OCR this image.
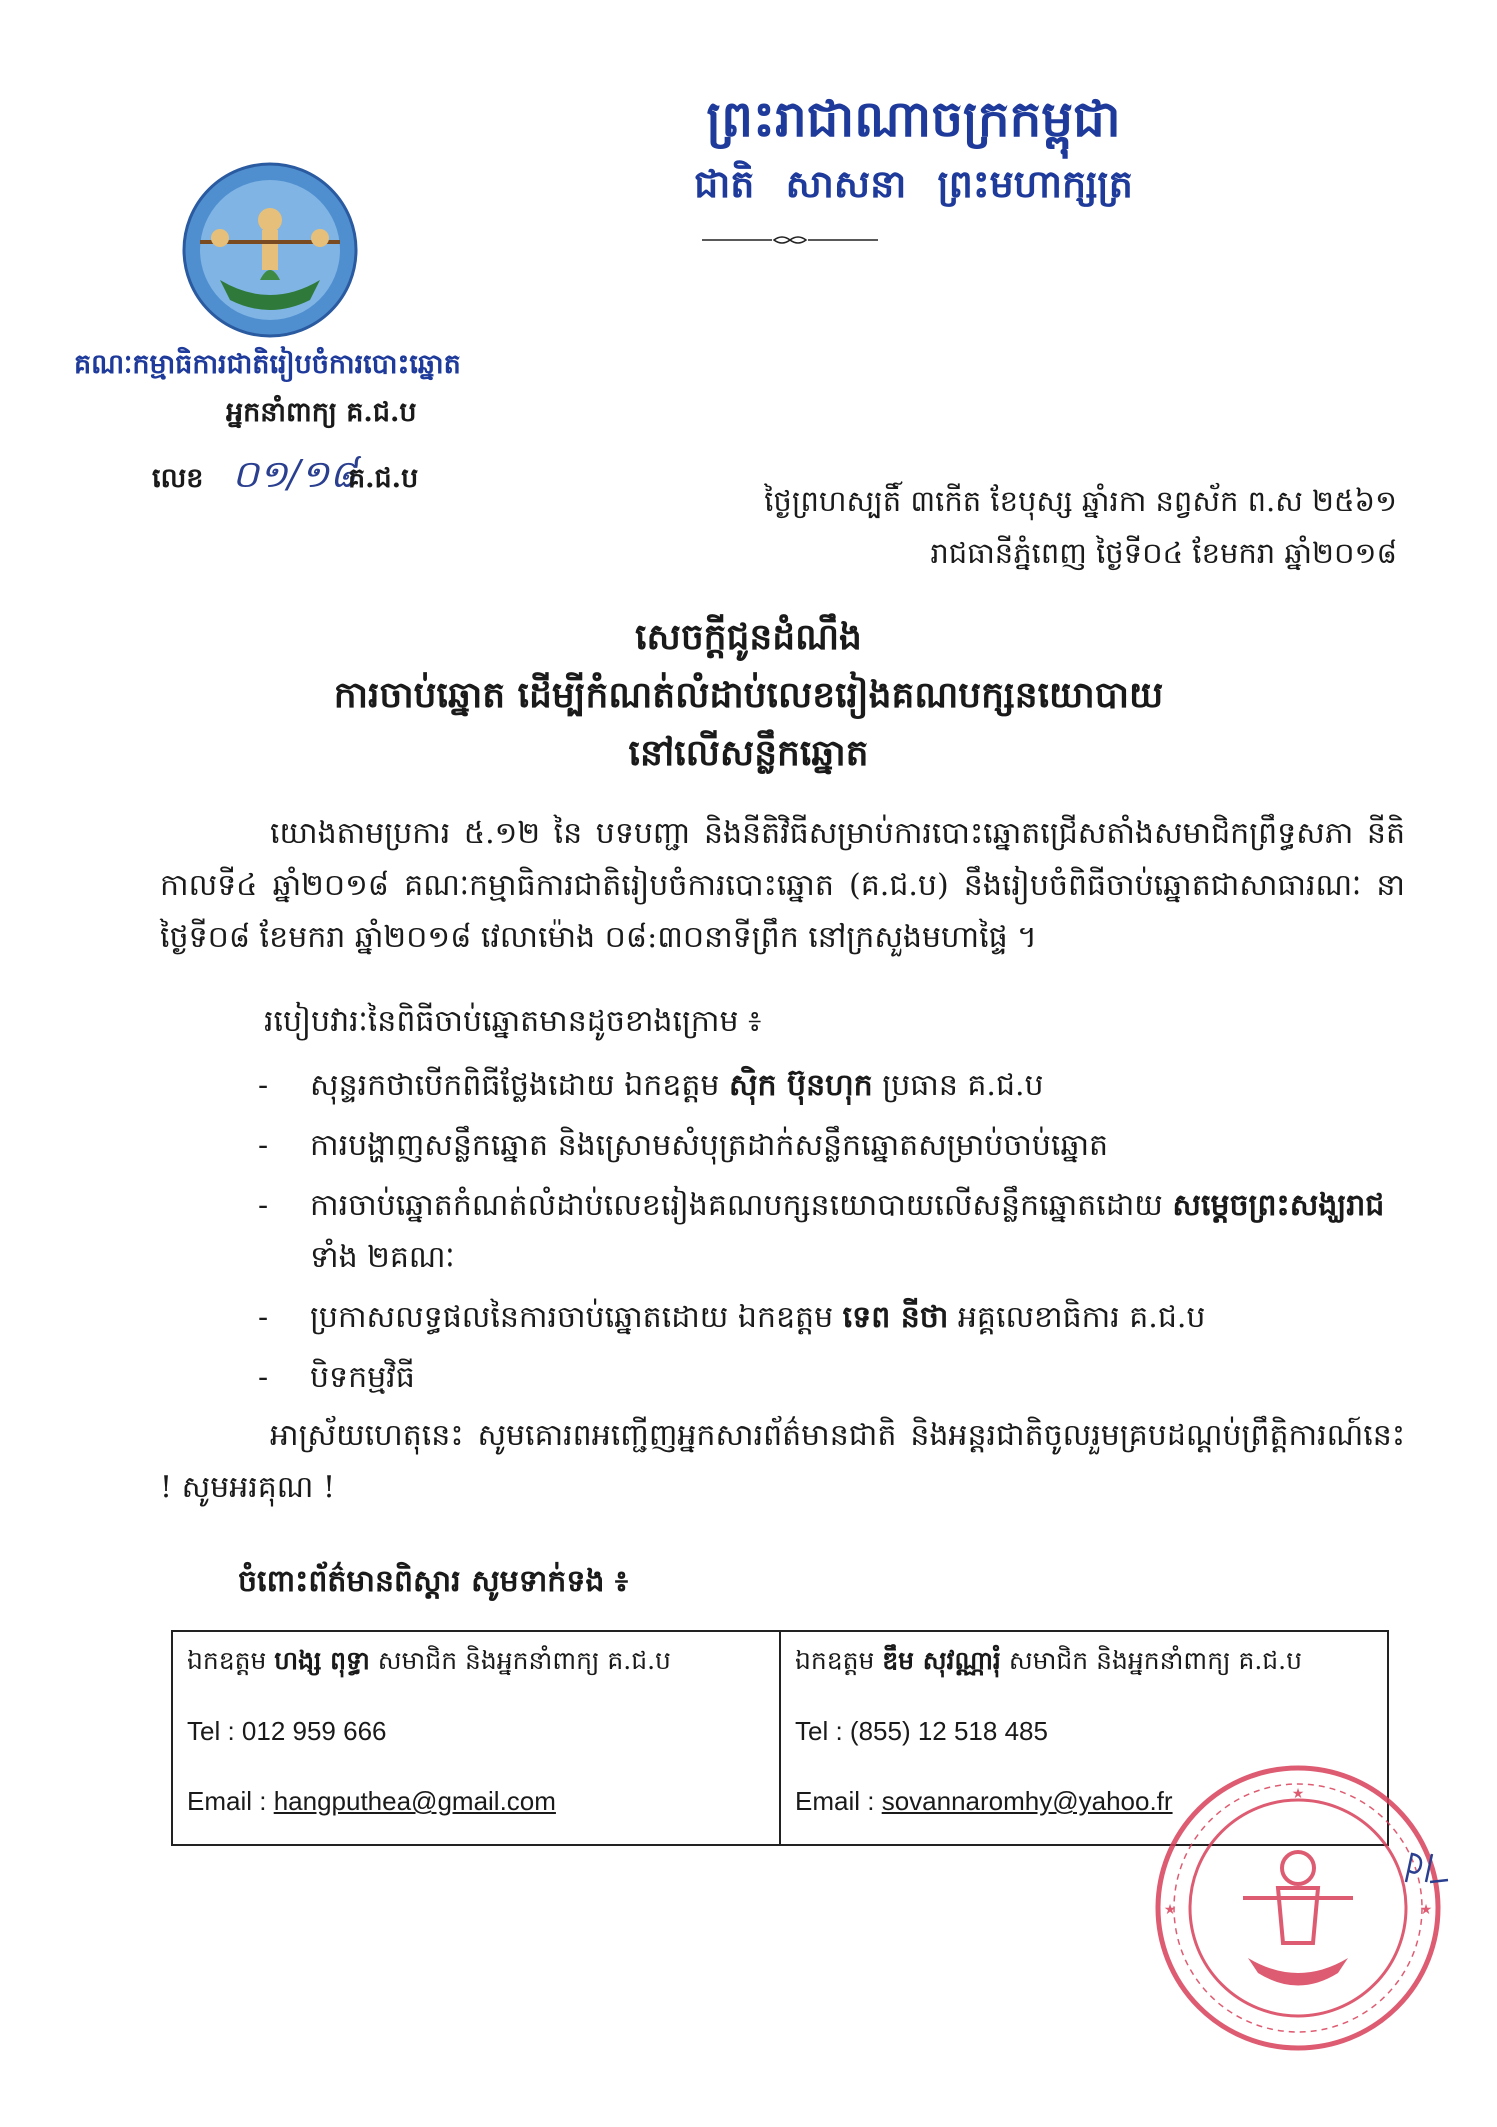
ព្រះរាជាណាចក្រកម្ពុជា
ជាតិ សាសនា ព្រះមហាក្សត្រ
គណៈកម្មាធិការជាតិរៀបចំការបោះឆ្នោត
អ្នកនាំពាក្យ គ.ជ.ប
លេខ ០១/១៨
គ.ជ.ប
ថ្ងៃព្រហស្បតិ៍ ៣កើត ខែបុស្ស ឆ្នាំរកា នព្វស័ក ព.ស ២៥៦១
រាជធានីភ្នំពេញ ថ្ងៃទី០៤ ខែមករា ឆ្នាំ២០១៨
សេចក្តីជូនដំណឹង
ការចាប់ឆ្នោត ដើម្បីកំណត់លំដាប់លេខរៀងគណបក្សនយោបាយ
នៅលើសន្លឹកឆ្នោត

យោងតាមប្រការ ៥.១២ នៃ បទបញ្ជា និងនីតិវិធីសម្រាប់ការបោះឆ្នោតជ្រើសតាំងសមាជិកព្រឹទ្ធសភា នីតិកាលទី៤ ឆ្នាំ២០១៨ គណៈកម្មាធិការជាតិរៀបចំការបោះឆ្នោត (គ.ជ.ប) នឹងរៀបចំពិធីចាប់ឆ្នោតជាសាធារណៈ នាថ្ងៃទី០៨ ខែមករា ឆ្នាំ២០១៨ វេលាម៉ោង ០៨:៣០នាទីព្រឹក នៅក្រសួងមហាផ្ទៃ ។

របៀបវារៈនៃពិធីចាប់ឆ្នោតមានដូចខាងក្រោម ៖
- សុន្ទរកថាបើកពិធីថ្លែងដោយ ឯកឧត្តម ស៊ិក ប៊ុនហុក ប្រធាន គ.ជ.ប
- ការបង្ហាញសន្លឹកឆ្នោត និងស្រោមសំបុត្រដាក់សន្លឹកឆ្នោតសម្រាប់ចាប់ឆ្នោត
- ការចាប់ឆ្នោតកំណត់លំដាប់លេខរៀងគណបក្សនយោបាយលើសន្លឹកឆ្នោតដោយ សម្តេចព្រះសង្ឃរាជ ទាំង ២គណៈ
- ប្រកាសលទ្ធផលនៃការចាប់ឆ្នោតដោយ ឯកឧត្តម ទេព នីថា អគ្គលេខាធិការ គ.ជ.ប
- បិទកម្មវិធី

អាស្រ័យហេតុនេះ សូមគោរពអញ្ជើញអ្នកសារព័ត៌មានជាតិ និងអន្តរជាតិចូលរួមគ្របដណ្តប់ព្រឹត្តិការណ៍នេះ ! សូមអរគុណ !

ចំពោះព័ត៌មានពិស្តារ សូមទាក់ទង ៖
ឯកឧត្តម ហង្ស ពុទ្ធា សមាជិក និងអ្នកនាំពាក្យ គ.ជ.ប
Tel : 012 959 666
Email : hangputhea@gmail.com
ឯកឧត្តម ឌឹម សុវណ្ណារុំ សមាជិក និងអ្នកនាំពាក្យ គ.ជ.ប
Tel : (855) 12 518 485
Email : sovannaromhy@yahoo.fr	★
★	★
